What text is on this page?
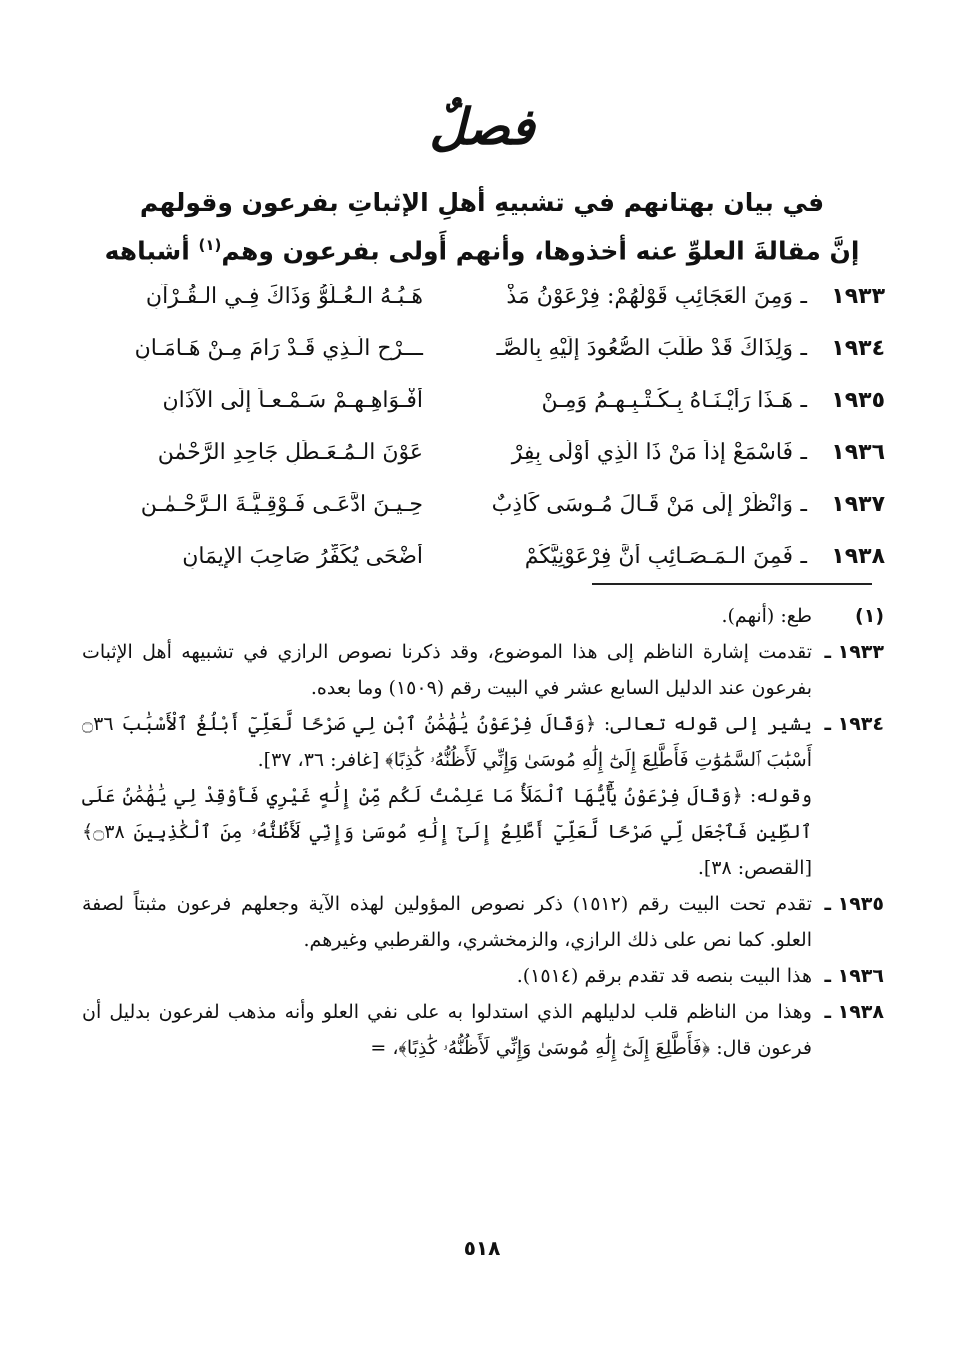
فصلٌ
في بيان بهتانهم في تشبيهِ أهلِ الإثباتِ بفرعون وقولهم
إنَّ مقالةَ العلوِّ عنه أخذوها، وأنهم أَولى بفرعون وهم$^{(١)}$ أشباهه
١٩٣٣
ـ
وَمِنَ العَجَائِبِ قَوْلُهُمْ: فِرْعَوْنُ مَذْ
هَـبُـهُ الـعُـلُوُّ وَذَاكَ فِـي الـقُـرْآنِ
١٩٣٤
ـ
وَلِذَاكَ قَدْ طَلَبَ الصُّعُودَ إِلَيْهِ بِالصَّـ
ـــرْحِ الَّـذِي قَـدْ رَامَ مِـنْ هَـامَـانِ
١٩٣٥
ـ
هَـذَا رَأَيْـنَـاهُ بِـكُـتْـبِـهِـمُ وَمِـنْ
أَفْـوَاهِـهِـمْ سَـمْـعـاً إِلَى الآذَانِ
١٩٣٦
ـ
فَاسْمَعْ إِذاً مَنْ ذَا الَّذِي أَوْلَى بِفِرْ
عَوْنَ الـمُـعَـطِّلِ جَاحِدِ الرَّحْمٰنِ
١٩٣٧
ـ
وَانْظُرْ إِلَى مَنْ قَـالَ مُـوسَى كَاذِبٌ
حِـيـنَ ادَّعَـى فَـوْقِـيَّـةَ الـرَّحْـمٰـنِ
١٩٣٨
ـ
فَمِنَ الـمَـصَـائِبِ أَنَّ فِرْعَوْنِيَّكُمْ
أَضْحَى يُكَفِّرُ صَاحِبَ الإِيمَانِ
(١)
طع: (أنهم).
١٩٣٣ ـ
تقدمت إشارة الناظم إلى هذا الموضوع، وقد ذكرنا نصوص الرازي في تشبيهه أهل الإثبات بفرعون عند الدليل السابع عشر في البيت رقم (١٥٠٩) وما بعده.
١٩٣٤ ـ
يشير إلى قوله تعالى: ﴿وَقَالَ فِرْعَوْنُ يَٰهَٰمَٰنُ ٱبْنِ لِي صَرْحًا لَّعَلِّيٓ أَبْلُغُ ٱلْأَسْبَٰبَ ۝٣٦ أَسْبَٰبَ ٱلسَّمَٰوَٰتِ فَأَطَّلِعَ إِلَىٰٓ إِلَٰهِ مُوسَىٰ وَإِنِّي لَأَظُنُّهُۥ كَٰذِبًا﴾ [غافر: ٣٦، ٣٧].
وقوله: ﴿وَقَالَ فِرْعَوْنُ يَٰٓأَيُّهَا ٱلْمَلَأُ مَا عَلِمْتُ لَكُم مِّنْ إِلَٰهٍ غَيْرِي فَأَوْقِدْ لِي يَٰهَٰمَٰنُ عَلَى ٱلطِّينِ فَٱجْعَل لِّي صَرْحًا لَّعَلِّيٓ أَطَّلِعُ إِلَىٰٓ إِلَٰهِ مُوسَىٰ وَإِنِّي لَأَظُنُّهُۥ مِنَ ٱلْكَٰذِبِينَ ۝٣٨﴾ [القصص: ٣٨].
١٩٣٥ ـ
تقدم تحت البيت رقم (١٥١٢) ذكر نصوص المؤولين لهذه الآية وجعلهم فرعون مثبتاً لصفة العلو. كما نص على ذلك الرازي، والزمخشري، والقرطبي وغيرهم.
١٩٣٦ ـ
هذا البيت بنصه قد تقدم برقم (١٥١٤).
١٩٣٨ ـ
وهذا من الناظم قلب لدليلهم الذي استدلوا به على نفي العلو وأنه مذهب لفرعون بدليل أن فرعون قال: ﴿فَأَطَّلِعَ إِلَىٰٓ إِلَٰهِ مُوسَىٰ وَإِنِّي لَأَظُنُّهُۥ كَٰذِبًا﴾، =
٥١٨
